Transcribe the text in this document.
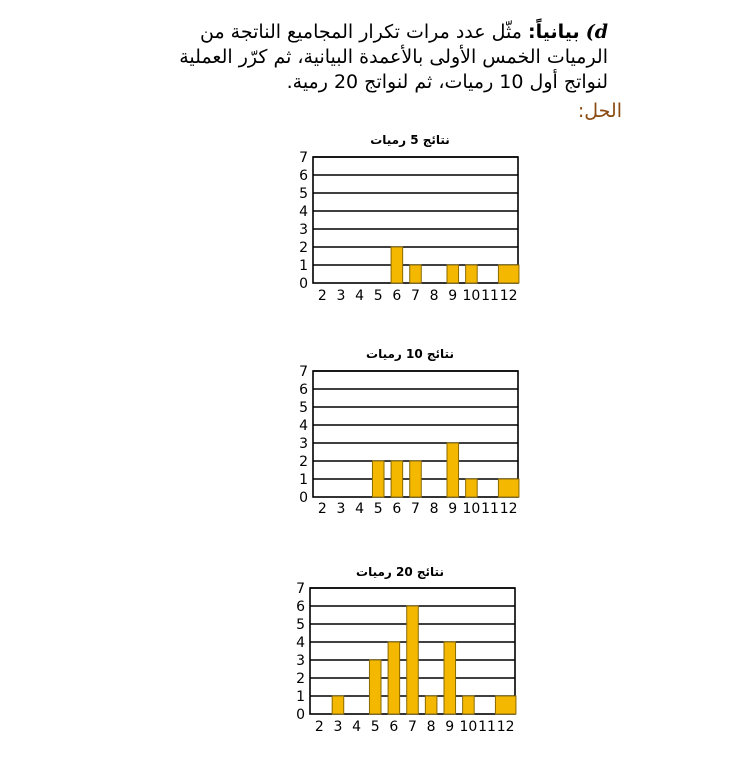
d) بيانياً: مثّل عدد مرات تكرار المجاميع الناتجة من الرميات الخمس الأولى بالأعمدة البيانية، ثم كرّر العملية لنواتج أول 10 رميات، ثم لنواتج 20 رمية.
الحل:
نتائج 5 رميات
0
1
2
3
4
5
6
7
2 3 4 5 6 7 8 9 10 11 12
نتائج 10 رميات
0
1
2
3
4
5
6
7
2 3 4 5 6 7 8 9 10 11 12
نتائج 20 رميات
0
1
2
3
4
5
6
7
2 3 4 5 6 7 8 9 10 11 12
